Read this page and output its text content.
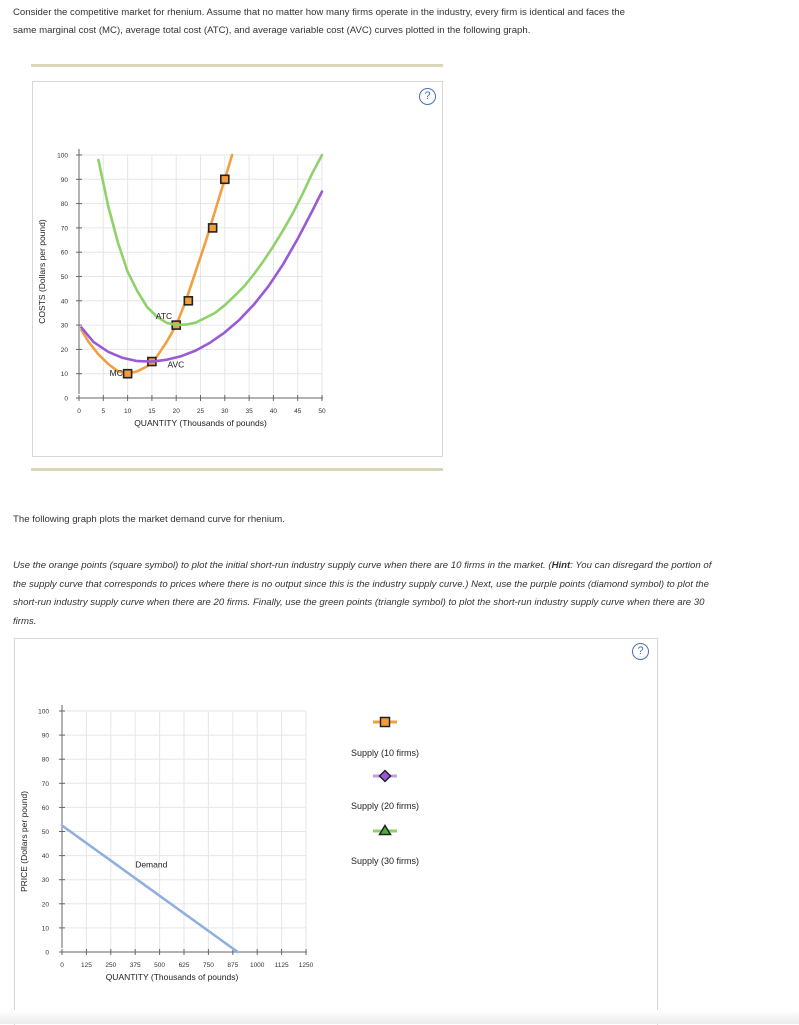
Consider the competitive market for rhenium. Assume that no matter how many firms operate in the industry, every firm is identical and faces the
same marginal cost (MC), average total cost (ATC), and average variable cost (AVC) curves plotted in the following graph.
?
0	5	10	15	20	25	30	35	40	45	50
0
10
20
30
40
50
60
70
80
90
100
QUANTITY (Thousands of pounds)
COSTS (Dollars per pound)	ATC
AVC
MC
The following graph plots the market demand curve for rhenium.
Use the orange points (square symbol) to plot the initial short-run industry supply curve when there are 10 firms in the market. (Hint: You can disregard the portion of the supply curve that corresponds to prices where there is no output since this is the industry supply curve.) Next, use the purple points (diamond symbol) to plot the short-run industry supply curve when there are 20 firms. Finally, use the green points (triangle symbol) to plot the short-run industry supply curve when there are 30 firms.
?
0	125 250 375 500 625 750 875 1000 1125 1250
0
10
20
30
40
50
60
70
80
90
100
QUANTITY (Thousands of pounds)
PRICE (Dollars per pound)	Demand
Supply (10 firms)
Supply (20 firms)
Supply (30 firms)
